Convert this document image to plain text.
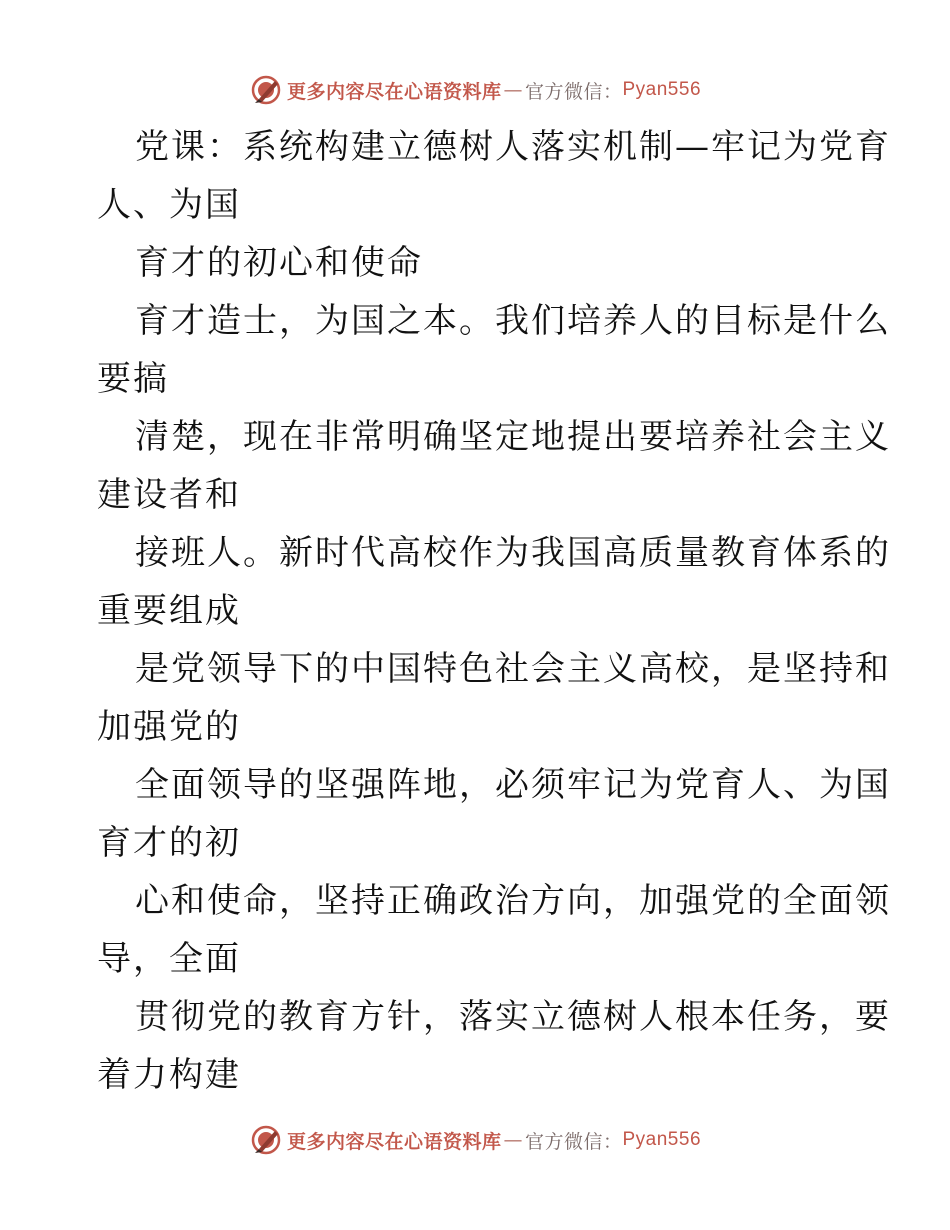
更多内容尽在心语资料库 — 官方微信： Pyan556
党课：系统构建立德树人落实机制—牢记为党育
人、为国
育才的初心和使命
育才造士，为国之本。我们培养人的目标是什么
要搞
清楚，现在非常明确坚定地提出要培养社会主义
建设者和
接班人。新时代高校作为我国高质量教育体系的
重要组成
是党领导下的中国特色社会主义高校，是坚持和
加强党的
全面领导的坚强阵地，必须牢记为党育人、为国
育才的初
心和使命，坚持正确政治方向，加强党的全面领
导，全面
贯彻党的教育方针，落实立德树人根本任务，要
着力构建
更多内容尽在心语资料库 — 官方微信： Pyan556
